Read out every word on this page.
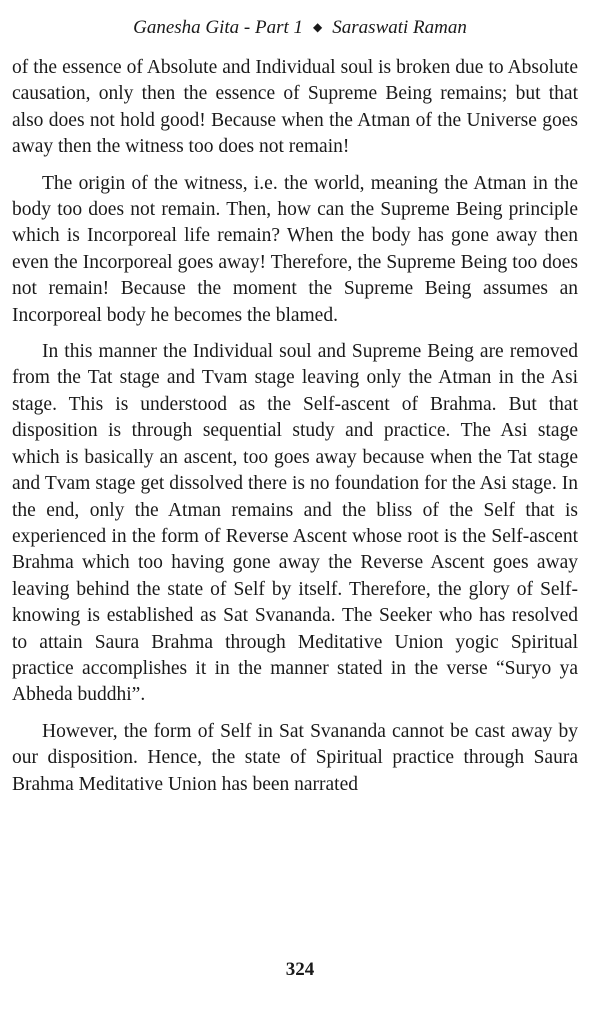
Ganesha Gita - Part 1 ◆ Saraswati Raman

of the essence of Absolute and Individual soul is broken due to Absolute causation, only then the essence of Supreme Being remains; but that also does not hold good! Because when the Atman of the Universe goes away then the witness too does not remain!

The origin of the witness, i.e. the world, meaning the Atman in the body too does not remain. Then, how can the Supreme Being principle which is Incorporeal life remain? When the body has gone away then even the Incorporeal goes away! Therefore, the Supreme Being too does not remain! Because the moment the Supreme Being assumes an Incorporeal body he becomes the blamed.

In this manner the Individual soul and Supreme Being are removed from the Tat stage and Tvam stage leaving only the Atman in the Asi stage. This is understood as the Self-ascent of Brahma. But that disposition is through sequential study and practice. The Asi stage which is basically an ascent, too goes away because when the Tat stage and Tvam stage get dissolved there is no foundation for the Asi stage. In the end, only the Atman remains and the bliss of the Self that is experienced in the form of Reverse Ascent whose root is the Self-ascent Brahma which too having gone away the Reverse Ascent goes away leaving behind the state of Self by itself. Therefore, the glory of Self-knowing is established as Sat Svananda. The Seeker who has resolved to attain Saura Brahma through Meditative Union yogic Spiritual practice accomplishes it in the manner stated in the verse “Suryo ya Abheda buddhi”.

However, the form of Self in Sat Svananda cannot be cast away by our disposition. Hence, the state of Spiritual practice through Saura Brahma Meditative Union has been narrated

324
